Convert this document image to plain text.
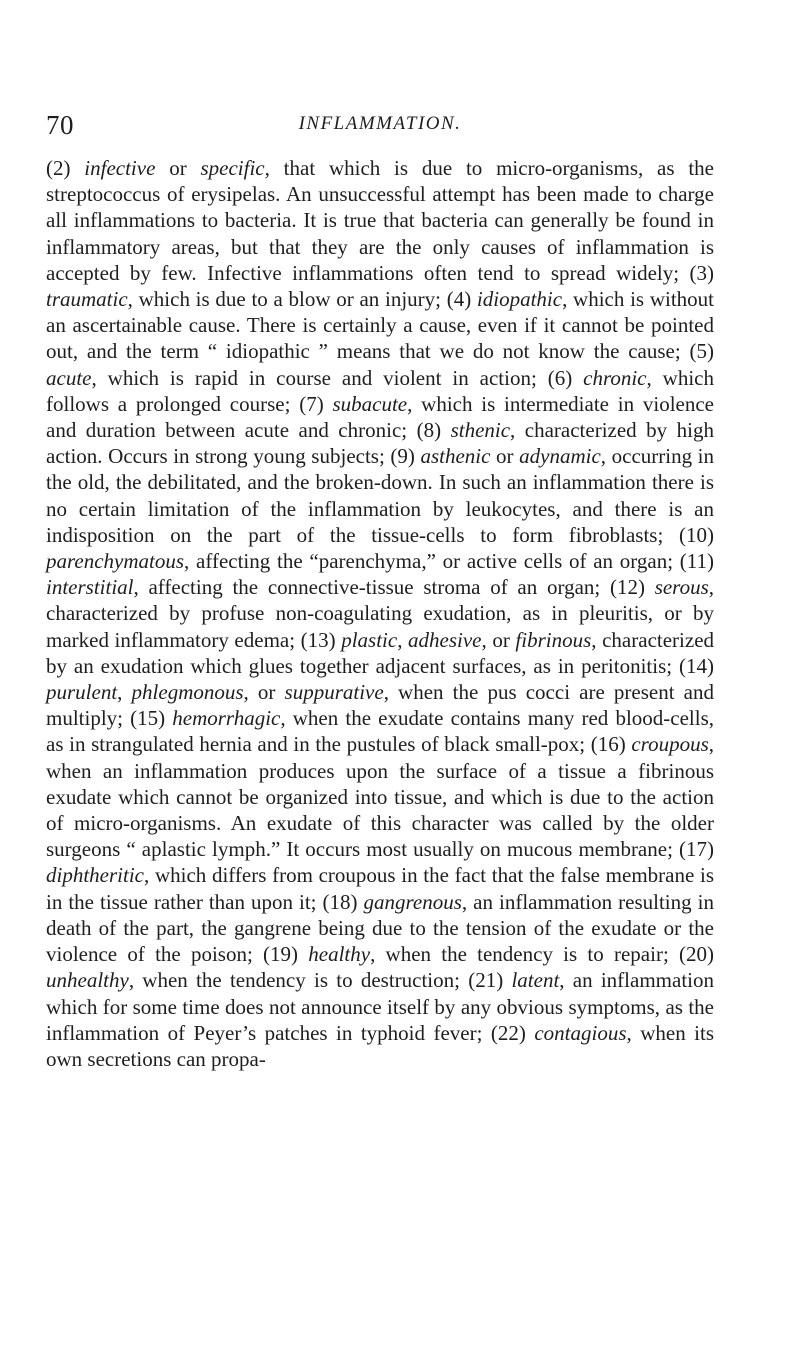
70	INFLAMMATION.

(2) infective or specific, that which is due to micro-organisms, as the streptococcus of erysipelas. An unsuccessful attempt has been made to charge all inflammations to bacteria. It is true that bacteria can generally be found in inflammatory areas, but that they are the only causes of inflammation is accepted by few. Infective inflammations often tend to spread widely; (3) traumatic, which is due to a blow or an injury; (4) idiopathic, which is without an ascertainable cause. There is certainly a cause, even if it cannot be pointed out, and the term “ idiopathic ” means that we do not know the cause; (5) acute, which is rapid in course and violent in action; (6) chronic, which follows a prolonged course; (7) subacute, which is intermediate in violence and duration between acute and chronic; (8) sthenic, characterized by high action. Occurs in strong young subjects; (9) asthenic or adynamic, occurring in the old, the debilitated, and the broken-down. In such an inflammation there is no certain limitation of the inflammation by leukocytes, and there is an indisposition on the part of the tissue-cells to form fibroblasts; (10) parenchymatous, affecting the “parenchyma,” or active cells of an organ; (11) interstitial, affecting the connective-tissue stroma of an organ; (12) serous, characterized by profuse non-coagulating exudation, as in pleuritis, or by marked inflammatory edema; (13) plastic, adhesive, or fibrinous, characterized by an exudation which glues together adjacent surfaces, as in peritonitis; (14) purulent, phlegmonous, or suppurative, when the pus cocci are present and multiply; (15) hemorrhagic, when the exudate contains many red blood-cells, as in strangulated hernia and in the pustules of black small-pox; (16) croupous, when an inflammation produces upon the surface of a tissue a fibrinous exudate which cannot be organized into tissue, and which is due to the action of micro-organisms. An exudate of this character was called by the older surgeons “ aplastic lymph.” It occurs most usually on mucous membrane; (17) diphtheritic, which differs from croupous in the fact that the false membrane is in the tissue rather than upon it; (18) gangrenous, an inflammation resulting in death of the part, the gangrene being due to the tension of the exudate or the violence of the poison; (19) healthy, when the tendency is to repair; (20) unhealthy, when the tendency is to destruction; (21) latent, an inflammation which for some time does not announce itself by any obvious symptoms, as the inflammation of Peyer’s patches in typhoid fever; (22) contagious, when its own secretions can propa-
